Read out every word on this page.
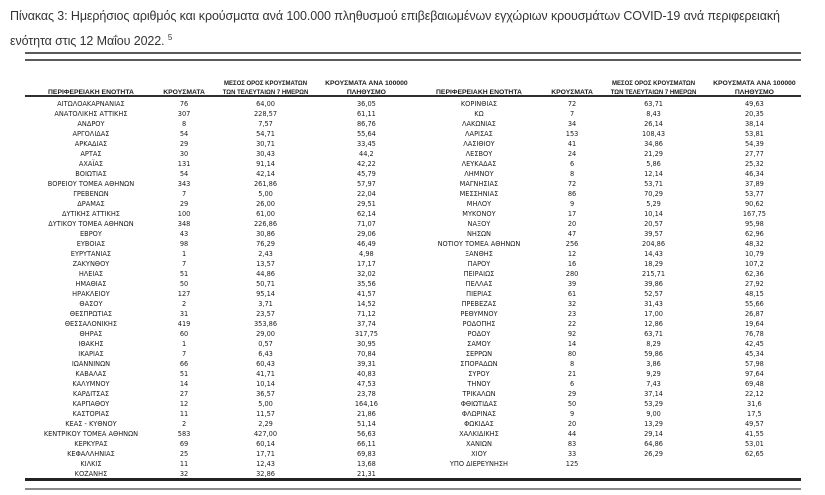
Πίνακας 3: Ημερήσιος αριθμός και κρούσματα ανά 100.000 πληθυσμού επιβεβαιωμένων εγχώριων κρουσμάτων COVID-19 ανά περιφερειακή ενότητα στις 12 Μαΐου 2022. $^5$
ΠΕΡΙΦΕΡΕΙΑΚΗ ΕΝΟΤΗΤΑ	ΚΡΟΥΣΜΑΤΑ
ΜΕΣΟΣ ΟΡΟΣ ΚΡΟΥΣΜΑΤΩΝ
ΤΩΝ ΤΕΛΕΥΤΑΙΩΝ 7 ΗΜΕΡΩΝ
ΚΡΟΥΣΜΑΤΑ ΑΝΑ 100000
ΠΛΗΘΥΣΜΟ
ΑΙΤΩΛΟΑΚΑΡΝΑΝΙΑΣ	76	64,00	36,05
ΑΝΑΤΟΛΙΚΗΣ ΑΤΤΙΚΗΣ	307	228,57	61,11
ΑΝΔΡΟΥ	8	7,57	86,76
ΑΡΓΟΛΙΔΑΣ	54	54,71	55,64
ΑΡΚΑΔΙΑΣ	29	30,71	33,45
ΑΡΤΑΣ	30	30,43	44,2
ΑΧΑΪΑΣ	131	91,14	42,22
ΒΟΙΩΤΙΑΣ	54	42,14	45,79
ΒΟΡΕΙΟΥ ΤΟΜΕΑ ΑΘΗΝΩΝ	343	261,86	57,97
ΓΡΕΒΕΝΩΝ	7	5,00	22,04
ΔΡΑΜΑΣ	29	26,00	29,51
ΔΥΤΙΚΗΣ ΑΤΤΙΚΗΣ	100	61,00	62,14
ΔΥΤΙΚΟΥ ΤΟΜΕΑ ΑΘΗΝΩΝ	348	226,86	71,07
ΕΒΡΟΥ	43	30,86	29,06
ΕΥΒΟΙΑΣ	98	76,29	46,49
ΕΥΡΥΤΑΝΙΑΣ	1	2,43	4,98
ΖΑΚΥΝΘΟΥ	7	13,57	17,17
ΗΛΕΙΑΣ	51	44,86	32,02
ΗΜΑΘΙΑΣ	50	50,71	35,56
ΗΡΑΚΛΕΙΟΥ	127	95,14	41,57
ΘΑΣΟΥ	2	3,71	14,52
ΘΕΣΠΡΩΤΙΑΣ	31	23,57	71,12
ΘΕΣΣΑΛΟΝΙΚΗΣ	419	353,86	37,74
ΘΗΡΑΣ	60	29,00	317,75
ΙΘΑΚΗΣ	1	0,57	30,95
ΙΚΑΡΙΑΣ	7	6,43	70,84
ΙΩΑΝΝΙΝΩΝ	66	60,43	39,31
ΚΑΒΑΛΑΣ	51	41,71	40,83
ΚΑΛΥΜΝΟΥ	14	10,14	47,53
ΚΑΡΔΙΤΣΑΣ	27	36,57	23,78
ΚΑΡΠΑΘΟΥ	12	5,00	164,16
ΚΑΣΤΟΡΙΑΣ	11	11,57	21,86
ΚΕΑΣ - ΚΥΘΝΟΥ	2	2,29	51,14
ΚΕΝΤΡΙΚΟΥ ΤΟΜΕΑ ΑΘΗΝΩΝ	583	427,00	56,63
ΚΕΡΚΥΡΑΣ	69	60,14	66,11
ΚΕΦΑΛΛΗΝΙΑΣ	25	17,71	69,83
ΚΙΛΚΙΣ	11	12,43	13,68
ΚΟΖΑΝΗΣ	32	32,86	21,31
ΠΕΡΙΦΕΡΕΙΑΚΗ ΕΝΟΤΗΤΑ	ΚΡΟΥΣΜΑΤΑ
ΜΕΣΟΣ ΟΡΟΣ ΚΡΟΥΣΜΑΤΩΝ
ΤΩΝ ΤΕΛΕΥΤΑΙΩΝ 7 ΗΜΕΡΩΝ
ΚΡΟΥΣΜΑΤΑ ΑΝΑ 100000
ΠΛΗΘΥΣΜΟ
ΚΟΡΙΝΘΙΑΣ	72	63,71	49,63
ΚΩ	7	8,43	20,35
ΛΑΚΩΝΙΑΣ	34	26,14	38,14
ΛΑΡΙΣΑΣ	153	108,43	53,81
ΛΑΣΙΘΙΟΥ	41	34,86	54,39
ΛΕΣΒΟΥ	24	21,29	27,77
ΛΕΥΚΑΔΑΣ	6	5,86	25,32
ΛΗΜΝΟΥ	8	12,14	46,34
ΜΑΓΝΗΣΙΑΣ	72	53,71	37,89
ΜΕΣΣΗΝΙΑΣ	86	70,29	53,77
ΜΗΛΟΥ	9	5,29	90,62
ΜΥΚΟΝΟΥ	17	10,14	167,75
ΝΑΞΟΥ	20	20,57	95,98
ΝΗΣΩΝ	47	39,57	62,96
ΝΟΤΙΟΥ ΤΟΜΕΑ ΑΘΗΝΩΝ	256	204,86	48,32
ΞΑΝΘΗΣ	12	14,43	10,79
ΠΑΡΟΥ	16	18,29	107,2
ΠΕΙΡΑΙΩΣ	280	215,71	62,36
ΠΕΛΛΑΣ	39	39,86	27,92
ΠΙΕΡΙΑΣ	61	52,57	48,15
ΠΡΕΒΕΖΑΣ	32	31,43	55,66
ΡΕΘΥΜΝΟΥ	23	17,00	26,87
ΡΟΔΟΠΗΣ	22	12,86	19,64
ΡΟΔΟΥ	92	63,71	76,78
ΣΑΜΟΥ	14	8,29	42,45
ΣΕΡΡΩΝ	80	59,86	45,34
ΣΠΟΡΑΔΩΝ	8	3,86	57,98
ΣΥΡΟΥ	21	9,29	97,64
ΤΗΝΟΥ	6	7,43	69,48
ΤΡΙΚΑΛΩΝ	29	37,14	22,12
ΦΘΙΩΤΙΔΑΣ	50	53,29	31,6
ΦΛΩΡΙΝΑΣ	9	9,00	17,5
ΦΩΚΙΔΑΣ	20	13,29	49,57
ΧΑΛΚΙΔΙΚΗΣ	44	29,14	41,55
ΧΑΝΙΩΝ	83	64,86	53,01
ΧΙΟΥ	33	26,29	62,65
ΥΠΟ ΔΙΕΡΕΥΝΗΣΗ	125
